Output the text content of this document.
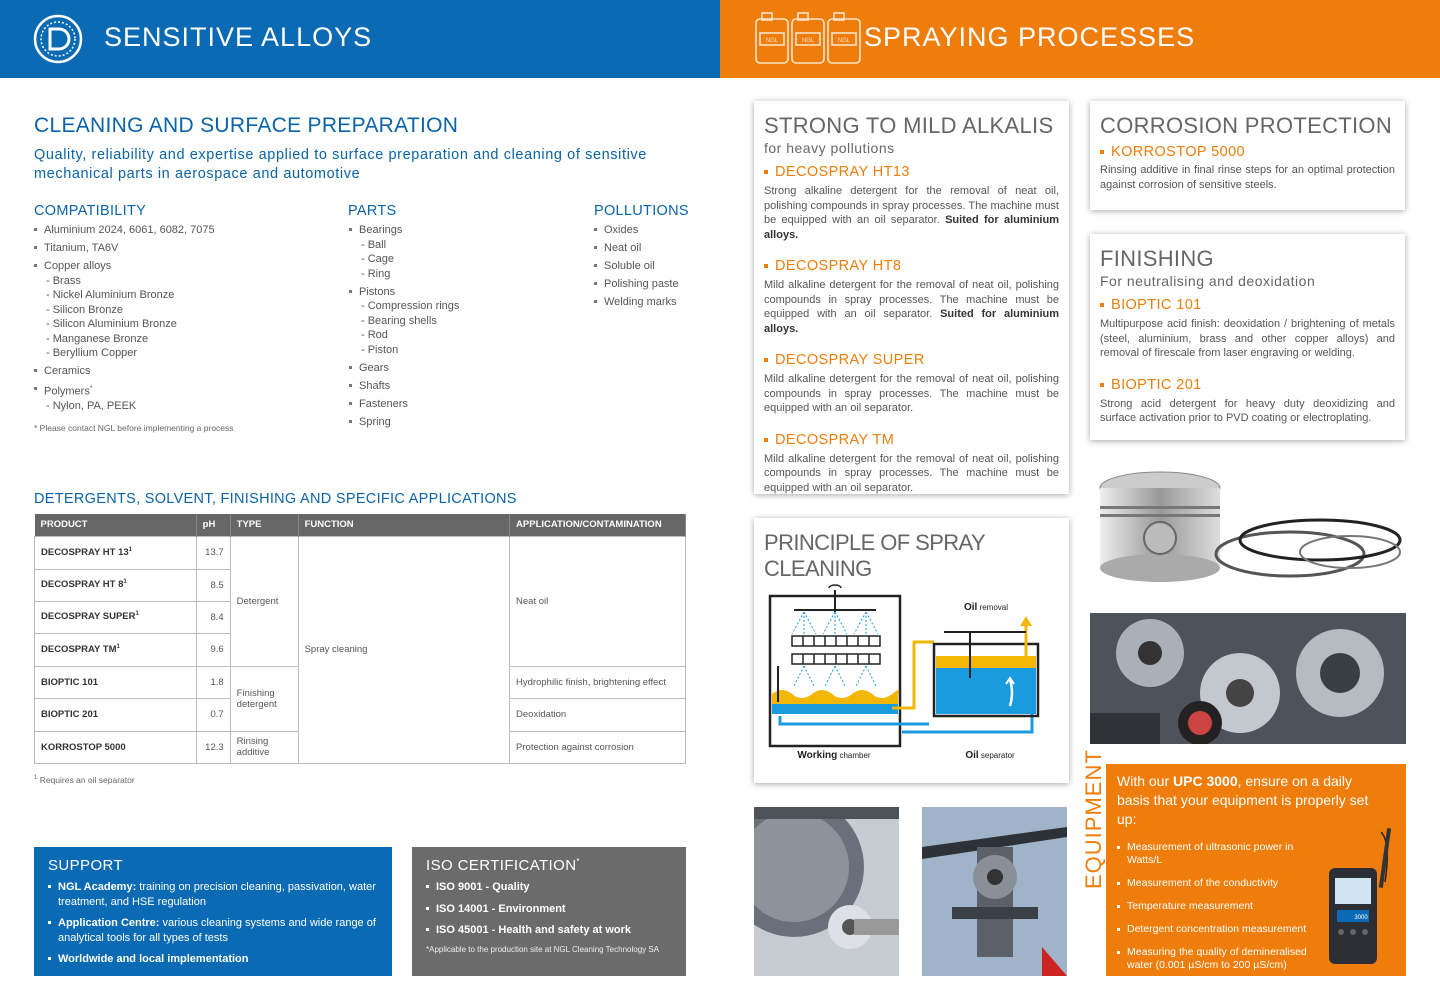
SENSITIVE ALLOYS	NGL	NGL	NGL SPRAYING PROCESSES
CLEANING AND SURFACE PREPARATION
Quality, reliability and expertise applied to surface preparation and cleaning of sensitive
mechanical parts in aerospace and automotive
COMPATIBILITY
Aluminium 2024, 6061, 6082, 7075
Titanium, TA6V
Copper alloys
- Brass
- Nickel Aluminium Bronze
- Silicon Bronze
- Silicon Aluminium Bronze
- Manganese Bronze
- Beryllium Copper
Ceramics
Polymers*
- Nylon, PA, PEEK
* Please contact NGL before implementing a process
PARTS
Bearings
- Ball
- Cage
- Ring
Pistons
- Compression rings
- Bearing shells
- Rod
- Piston
Gears
Shafts
Fasteners
Spring
POLLUTIONS
Oxides
Neat oil
Soluble oil
Polishing paste
Welding marks
DETERGENTS, SOLVENT, FINISHING AND SPECIFIC APPLICATIONS
PRODUCT	pH	TYPE	FUNCTION	APPLICATION/CONTAMINATION
DECOSPRAY HT $13^1$	13.7	Detergent	Spray cleaning	Neat oil
DECOSPRAY HT $8^1$	8.5			
DECOSPRAY SUPER$^1$	8.4			
DECOSPRAY $TM^1$	9.6			
BIOPTIC 101	1.8	Finishing detergent		Hydrophilic finish, brightening effect
BIOPTIC 201	0.7			Deoxidation
KORROSTOP 5000	12.3	Rinsing additive		Protection against corrosion
$^1$ Requires an oil separator
SUPPORT
NGL Academy: training on precision cleaning, passivation, water treatment, and HSE regulation
Application Centre: various cleaning systems and wide range of analytical tools for all types of tests
Worldwide and local implementation
ISO CERTIFICATION*
ISO 9001 - Quality
ISO 14001 - Environment
ISO 45001 - Health and safety at work
*Applicable to the production site at NGL Cleaning Technology SA
STRONG TO MILD ALKALIS
for heavy pollutions
DECOSPRAY HT13
Strong alkaline detergent for the removal of neat oil, polishing compounds in spray processes. The machine must be equipped with an oil separator. Suited for aluminium alloys.
DECOSPRAY HT8
Mild alkaline detergent for the removal of neat oil, polishing compounds in spray processes. The machine must be equipped with an oil separator. Suited for aluminium alloys.
DECOSPRAY SUPER
Mild alkaline detergent for the removal of neat oil, polishing compounds in spray processes. The machine must be equipped with an oil separator.
DECOSPRAY TM
Mild alkaline detergent for the removal of neat oil, polishing compounds in spray processes. The machine must be equipped with an oil separator.
CORROSION PROTECTION
KORROSTOP 5000
Rinsing additive in final rinse steps for an optimal protection against corrosion of sensitive steels.
FINISHING
For neutralising and deoxidation
BIOPTIC 101
Multipurpose acid finish: deoxidation / brightening of metals (steel, aluminium, brass and other copper alloys) and removal of firescale from laser engraving or welding.
BIOPTIC 201
Strong acid detergent for heavy duty deoxidizing and surface activation prior to PVD coating or electroplating.
PRINCIPLE OF SPRAY CLEANING
Oil removal
Working chamber	Oil separator	EQUIPMENT With our UPC 3000, ensure on a daily basis that your equipment is properly set up:
Measurement of ultrasonic power in Watts/L
Measurement of the conductivity
Temperature measurement
Detergent concentration measurement
Measuring the quality of demineralised water (0.001 µS/cm to 200 µS/cm)
3000
